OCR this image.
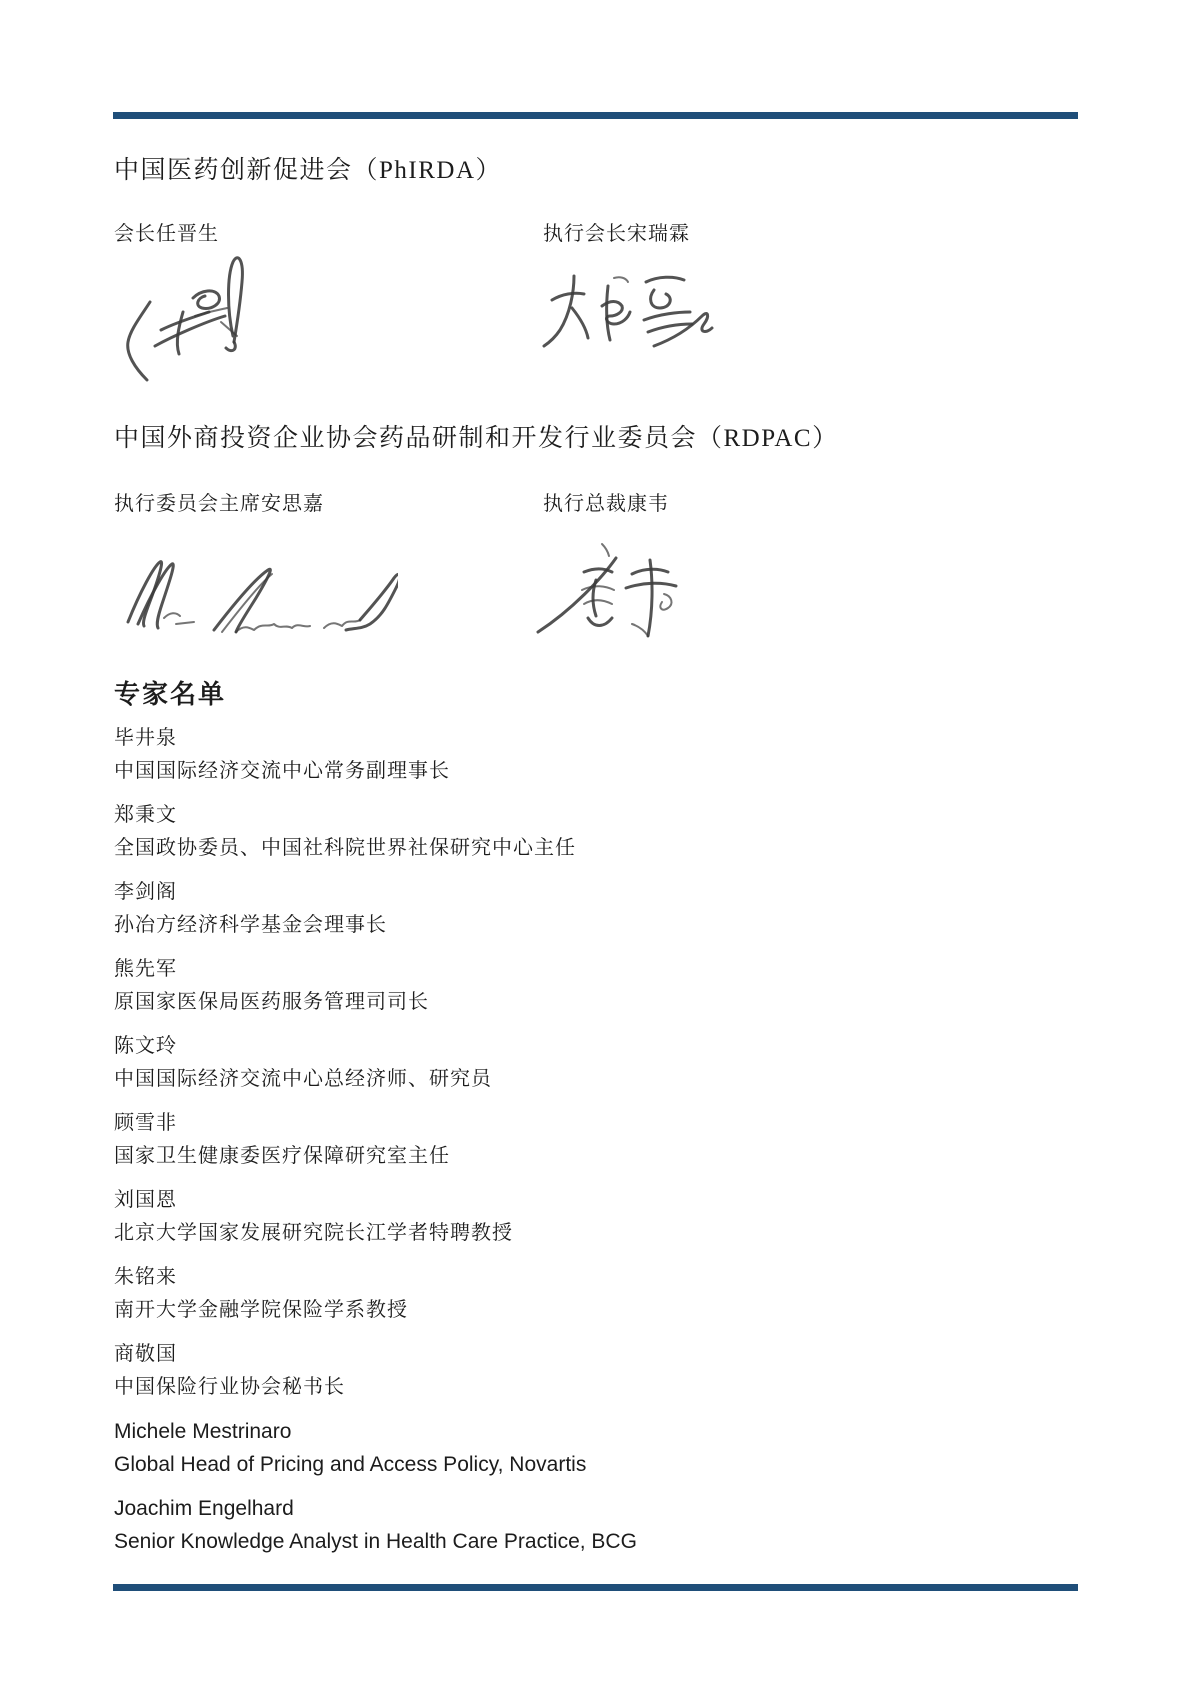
中国医药创新促进会（PhIRDA）
会长任晋生	执行会长宋瑞霖
中国外商投资企业协会药品研制和开发行业委员会（RDPAC）
执行委员会主席安思嘉	执行总裁康韦
专家名单
毕井泉
中国国际经济交流中心常务副理事长
郑秉文
全国政协委员、中国社科院世界社保研究中心主任
李剑阁
孙冶方经济科学基金会理事长
熊先军
原国家医保局医药服务管理司司长
陈文玲
中国国际经济交流中心总经济师、研究员
顾雪非
国家卫生健康委医疗保障研究室主任
刘国恩
北京大学国家发展研究院长江学者特聘教授
朱铭来
南开大学金融学院保险学系教授
商敬国
中国保险行业协会秘书长
Michele Mestrinaro
Global Head of Pricing and Access Policy, Novartis
Joachim Engelhard
Senior Knowledge Analyst in Health Care Practice, BCG
